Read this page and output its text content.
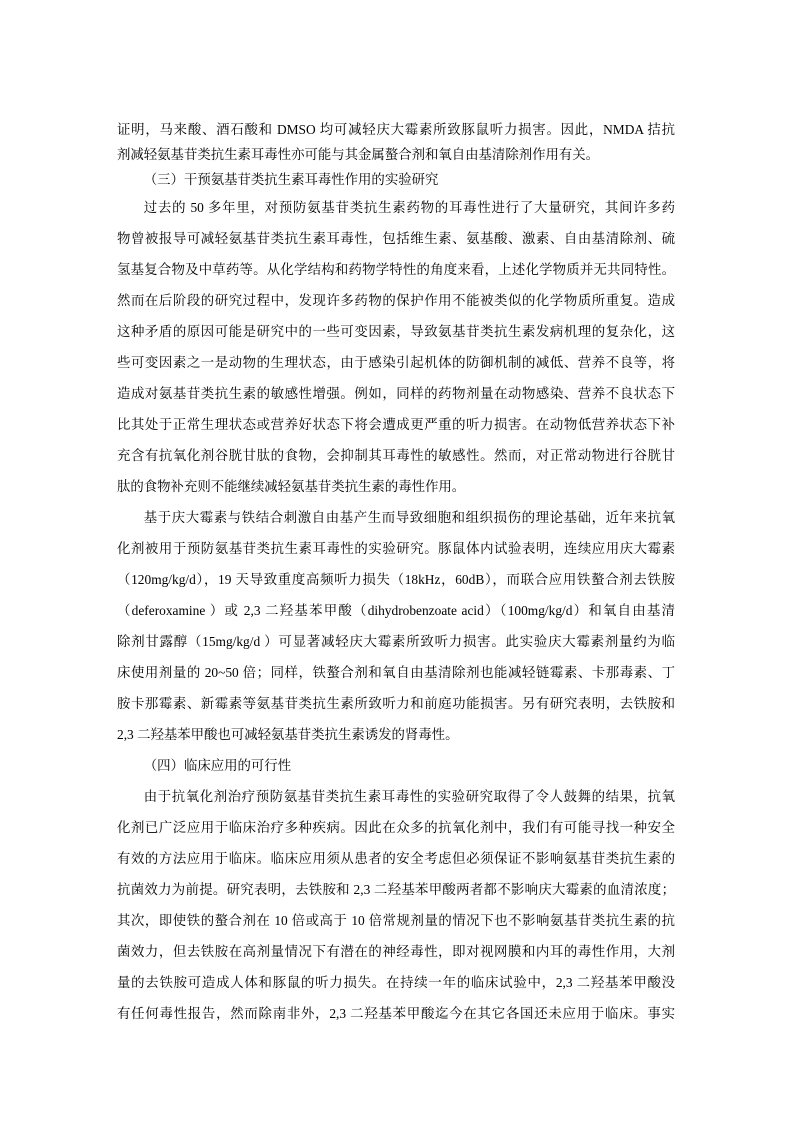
证明，马来酸、酒石酸和 DMSO 均可减轻庆大霉素所致豚鼠听力损害。因此，NMDA 拮抗
剂减轻氨基苷类抗生素耳毒性亦可能与其金属螯合剂和氧自由基清除剂作用有关。
（三）干预氨基苷类抗生素耳毒性作用的实验研究
过去的 50 多年里，对预防氨基苷类抗生素药物的耳毒性进行了大量研究，其间许多药
物曾被报导可减轻氨基苷类抗生素耳毒性，包括维生素、氨基酸、激素、自由基清除剂、硫
氢基复合物及中草药等。从化学结构和药物学特性的角度来看，上述化学物质并无共同特性。
然而在后阶段的研究过程中，发现许多药物的保护作用不能被类似的化学物质所重复。造成
这种矛盾的原因可能是研究中的一些可变因素，导致氨基苷类抗生素发病机理的复杂化，这
些可变因素之一是动物的生理状态，由于感染引起机体的防御机制的减低、营养不良等，将
造成对氨基苷类抗生素的敏感性增强。例如，同样的药物剂量在动物感染、营养不良状态下
比其处于正常生理状态或营养好状态下将会遭成更严重的听力损害。在动物低营养状态下补
充含有抗氧化剂谷胱甘肽的食物，会抑制其耳毒性的敏感性。然而，对正常动物进行谷胱甘
肽的食物补充则不能继续减轻氨基苷类抗生素的毒性作用。
基于庆大霉素与铁结合刺激自由基产生而导致细胞和组织损伤的理论基础，近年来抗氧
化剂被用于预防氨基苷类抗生素耳毒性的实验研究。豚鼠体内试验表明，连续应用庆大霉素
（120mg/kg/d），19 天导致重度高频听力损失（18kHz，60dB），而联合应用铁螯合剂去铁胺
（deferoxamine ）或 2,3 二羟基苯甲酸（dihydrobenzoate acid）（100mg/kg/d）和氧自由基清
除剂甘露醇（15mg/kg/d ）可显著减轻庆大霉素所致听力损害。此实验庆大霉素剂量约为临
床使用剂量的 20~50 倍；同样，铁螯合剂和氧自由基清除剂也能减轻链霉素、卡那毒素、丁
胺卡那霉素、新霉素等氨基苷类抗生素所致听力和前庭功能损害。另有研究表明，去铁胺和
2,3 二羟基苯甲酸也可减轻氨基苷类抗生素诱发的肾毒性。
（四）临床应用的可行性
由于抗氧化剂治疗预防氨基苷类抗生素耳毒性的实验研究取得了令人鼓舞的结果，抗氧
化剂已广泛应用于临床治疗多种疾病。因此在众多的抗氧化剂中，我们有可能寻找一种安全
有效的方法应用于临床。临床应用须从患者的安全考虑但必须保证不影响氨基苷类抗生素的
抗菌效力为前提。研究表明，去铁胺和 2,3 二羟基苯甲酸两者都不影响庆大霉素的血清浓度；
其次，即使铁的螯合剂在 10 倍或高于 10 倍常规剂量的情况下也不影响氨基苷类抗生素的抗
菌效力，但去铁胺在高剂量情况下有潜在的神经毒性，即对视网膜和内耳的毒性作用，大剂
量的去铁胺可造成人体和豚鼠的听力损失。在持续一年的临床试验中，2,3 二羟基苯甲酸没
有任何毒性报告，然而除南非外，2,3 二羟基苯甲酸迄今在其它各国还未应用于临床。事实
